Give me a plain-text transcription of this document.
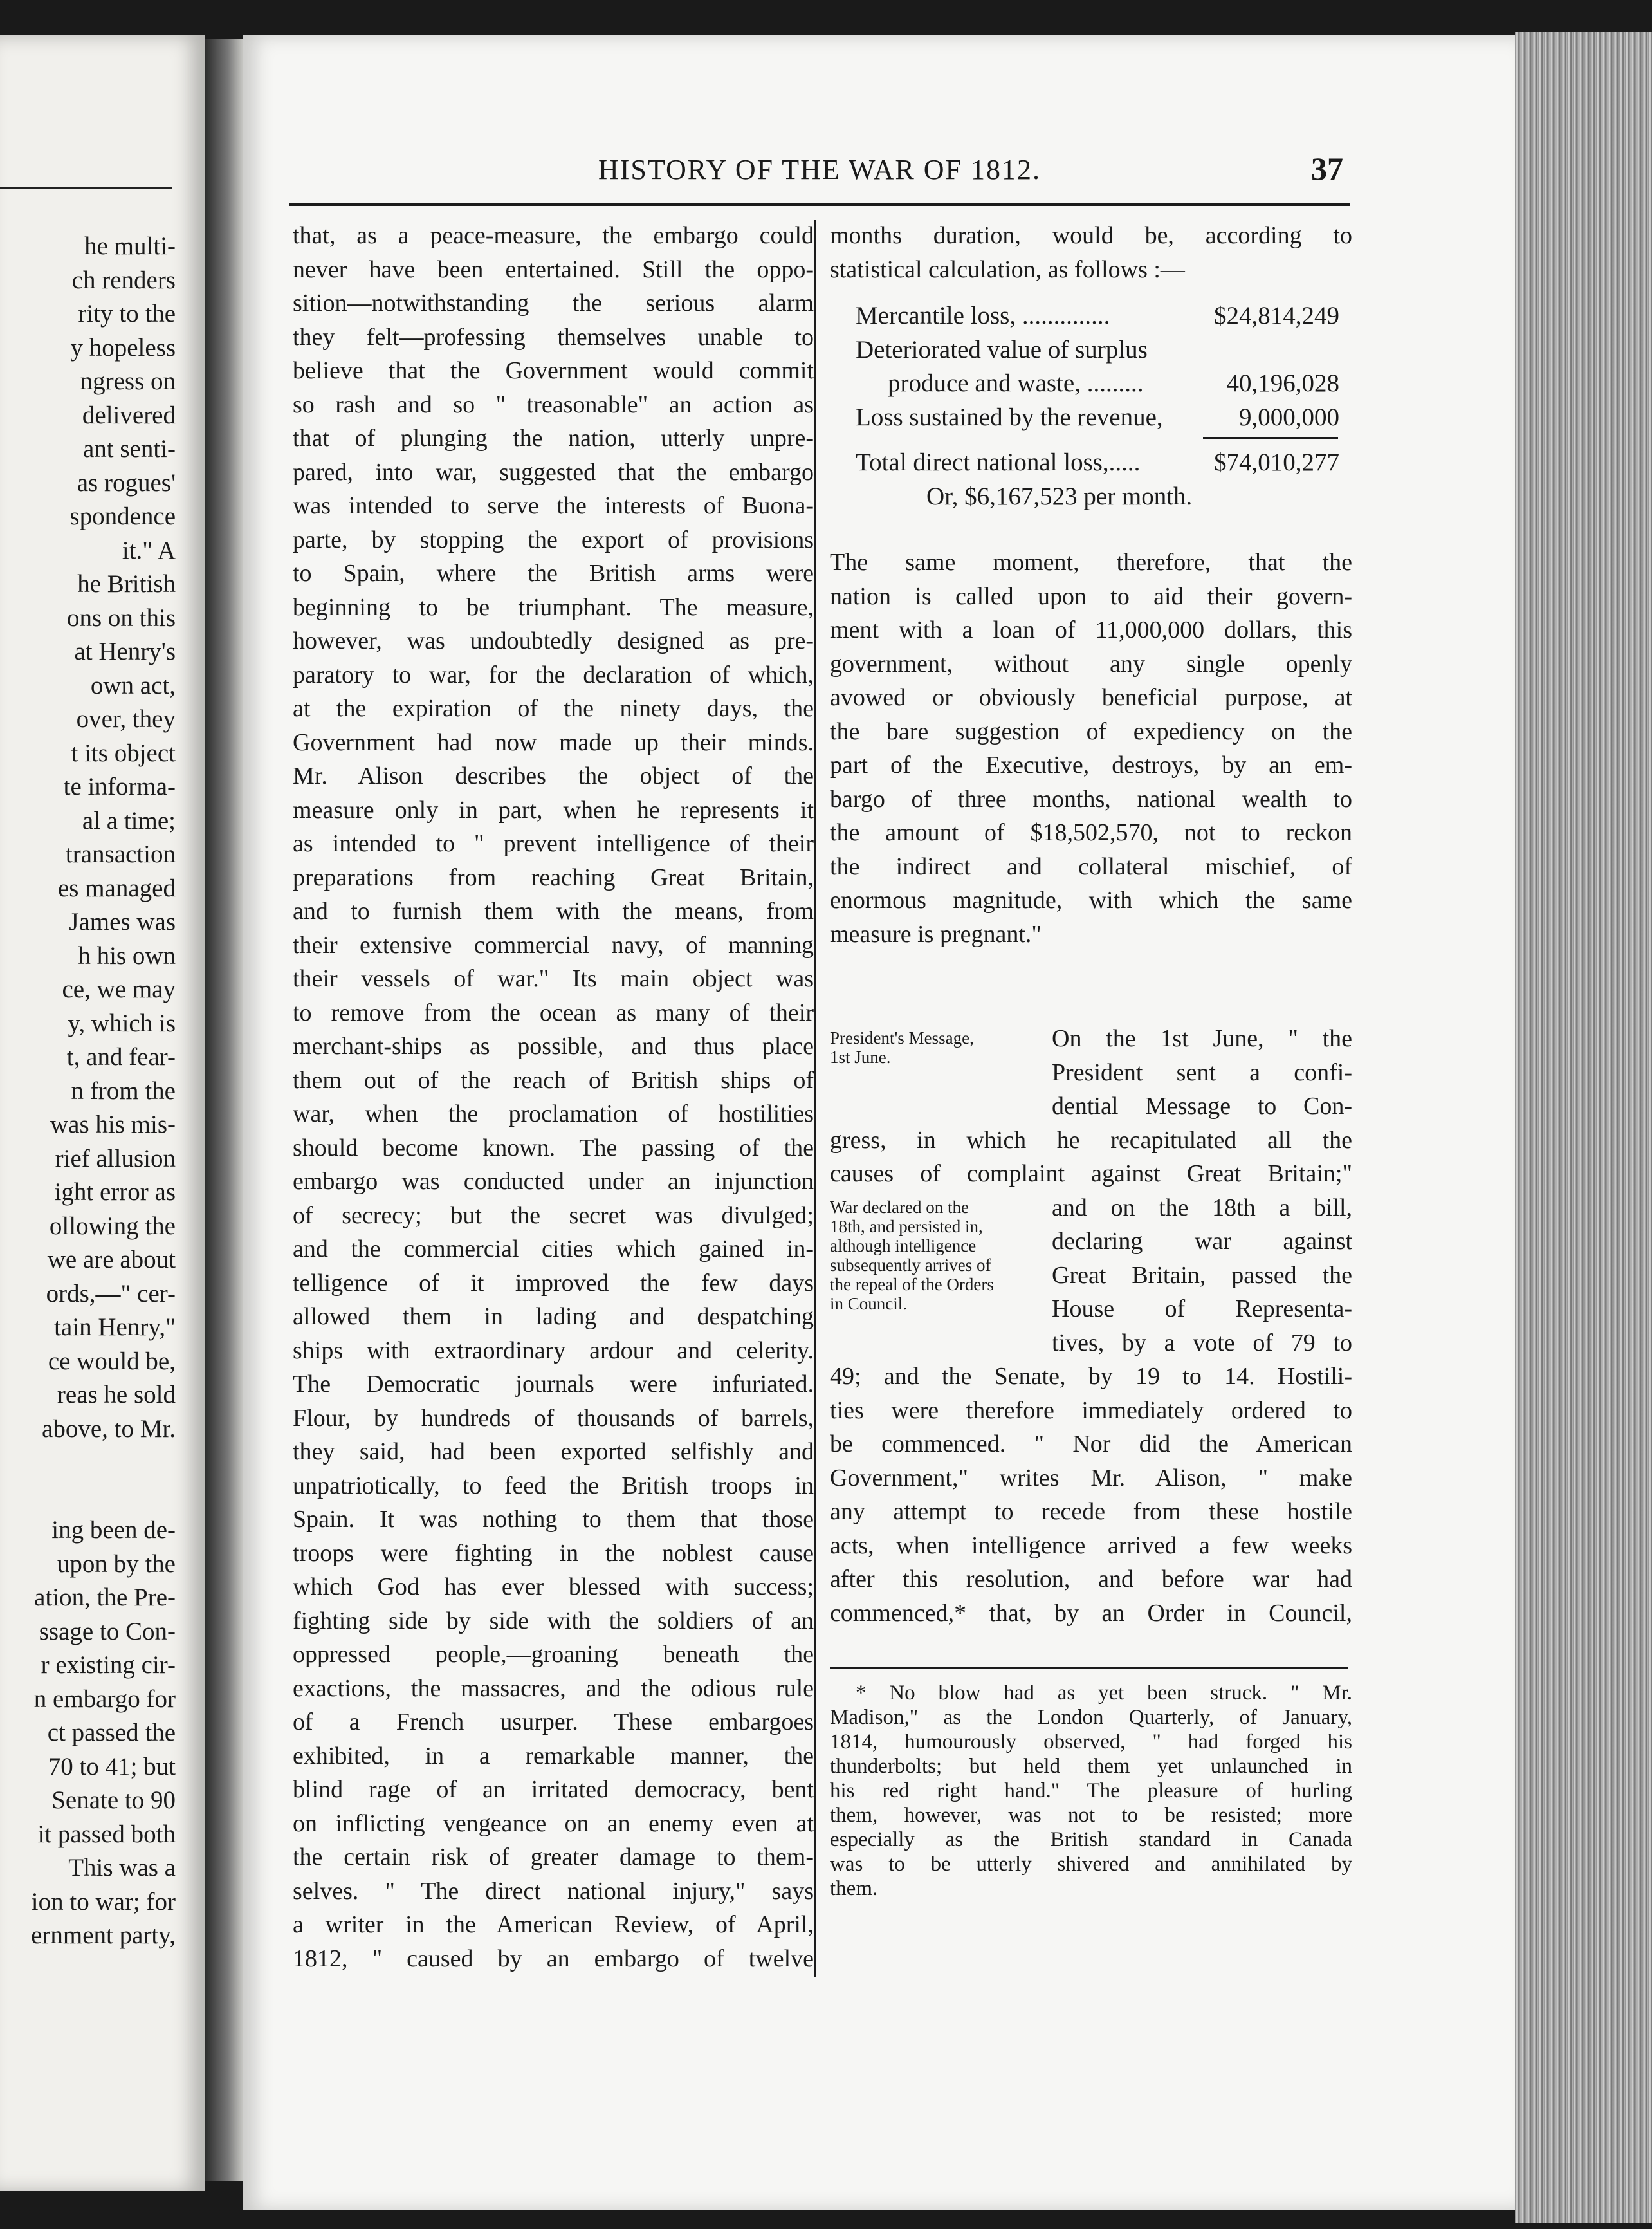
he multi-
ch renders
rity to the
y hopeless
ngress on
delivered
ant senti-
as rogues'
spondence
it." A
he British
ons on this
at Henry's
own act,
over, they
t its object
te informa-
al a time;
transaction
es managed
James was
h his own
ce, we may
y, which is
t, and fear-
n from the
was his mis-
rief allusion
ight error as
ollowing the
we are about
ords,—" cer-
tain Henry,"
ce would be,
reas he sold
above, to Mr.
ing been de-
upon by the
ation, the Pre-
ssage to Con-
r existing cir-
n embargo for
ct passed the
70 to 41; but
Senate to 90
it passed both
This was a
ion to war; for
ernment party,
HISTORY OF THE WAR OF 1812.	37
that, as a peace-measure, the embargo could
never have been entertained. Still the oppo-
sition—notwithstanding the serious alarm
they felt—professing themselves unable to
believe that the Government would commit
so rash and so " treasonable" an action as
that of plunging the nation, utterly unpre-
pared, into war, suggested that the embargo
was intended to serve the interests of Buona-
parte, by stopping the export of provisions
to Spain, where the British arms were
beginning to be triumphant. The measure,
however, was undoubtedly designed as pre-
paratory to war, for the declaration of which,
at the expiration of the ninety days, the
Government had now made up their minds.
Mr. Alison describes the object of the
measure only in part, when he represents it
as intended to " prevent intelligence of their
preparations from reaching Great Britain,
and to furnish them with the means, from
their extensive commercial navy, of manning
their vessels of war." Its main object was
to remove from the ocean as many of their
merchant-ships as possible, and thus place
them out of the reach of British ships of
war, when the proclamation of hostilities
should become known. The passing of the
embargo was conducted under an injunction
of secrecy; but the secret was divulged;
and the commercial cities which gained in-
telligence of it improved the few days
allowed them in lading and despatching
ships with extraordinary ardour and celerity.
The Democratic journals were infuriated.
Flour, by hundreds of thousands of barrels,
they said, had been exported selfishly and
unpatriotically, to feed the British troops in
Spain. It was nothing to them that those
troops were fighting in the noblest cause
which God has ever blessed with success;
fighting side by side with the soldiers of an
oppressed people,—groaning beneath the
exactions, the massacres, and the odious rule
of a French usurper. These embargoes
exhibited, in a remarkable manner, the
blind rage of an irritated democracy, bent
on inflicting vengeance on an enemy even at
the certain risk of greater damage to them-
selves. " The direct national injury," says
a writer in the American Review, of April,
1812, " caused by an embargo of twelve
months duration, would be, according to
statistical calculation, as follows :—
Mercantile loss, ..............	$24,814,249
Deteriorated value of surplus
produce and waste, .........	40,196,028
Loss sustained by the revenue,	9,000,000
Total direct national loss,.....	$74,010,277
Or, $6,167,523 per month.
The same moment, therefore, that the
nation is called upon to aid their govern-
ment with a loan of 11,000,000 dollars, this
government, without any single openly
avowed or obviously beneficial purpose, at
the bare suggestion of expediency on the
part of the Executive, destroys, by an em-
bargo of three months, national wealth to
the amount of $18,502,570, not to reckon
the indirect and collateral mischief, of
enormous magnitude, with which the same
measure is pregnant."
President's Message,
1st June.
On the 1st June, " the
President sent a confi-
dential Message to Con-
gress, in which he recapitulated all the
causes of complaint against Great Britain;"
War declared on the
18th, and persisted in,
although intelligence
subsequently arrives of
the repeal of the Orders
in Council.
and on the 18th a bill,
declaring war against
Great Britain, passed the
House of Representa-
tives, by a vote of 79 to
49; and the Senate, by 19 to 14. Hostili-
ties were therefore immediately ordered to
be commenced. " Nor did the American
Government," writes Mr. Alison, " make
any attempt to recede from these hostile
acts, when intelligence arrived a few weeks
after this resolution, and before war had
commenced,* that, by an Order in Council,
* No blow had as yet been struck. " Mr.
Madison," as the London Quarterly, of January,
1814, humourously observed, " had forged his
thunderbolts; but held them yet unlaunched in
his red right hand." The pleasure of hurling
them, however, was not to be resisted; more
especially as the British standard in Canada
was to be utterly shivered and annihilated by
them.
